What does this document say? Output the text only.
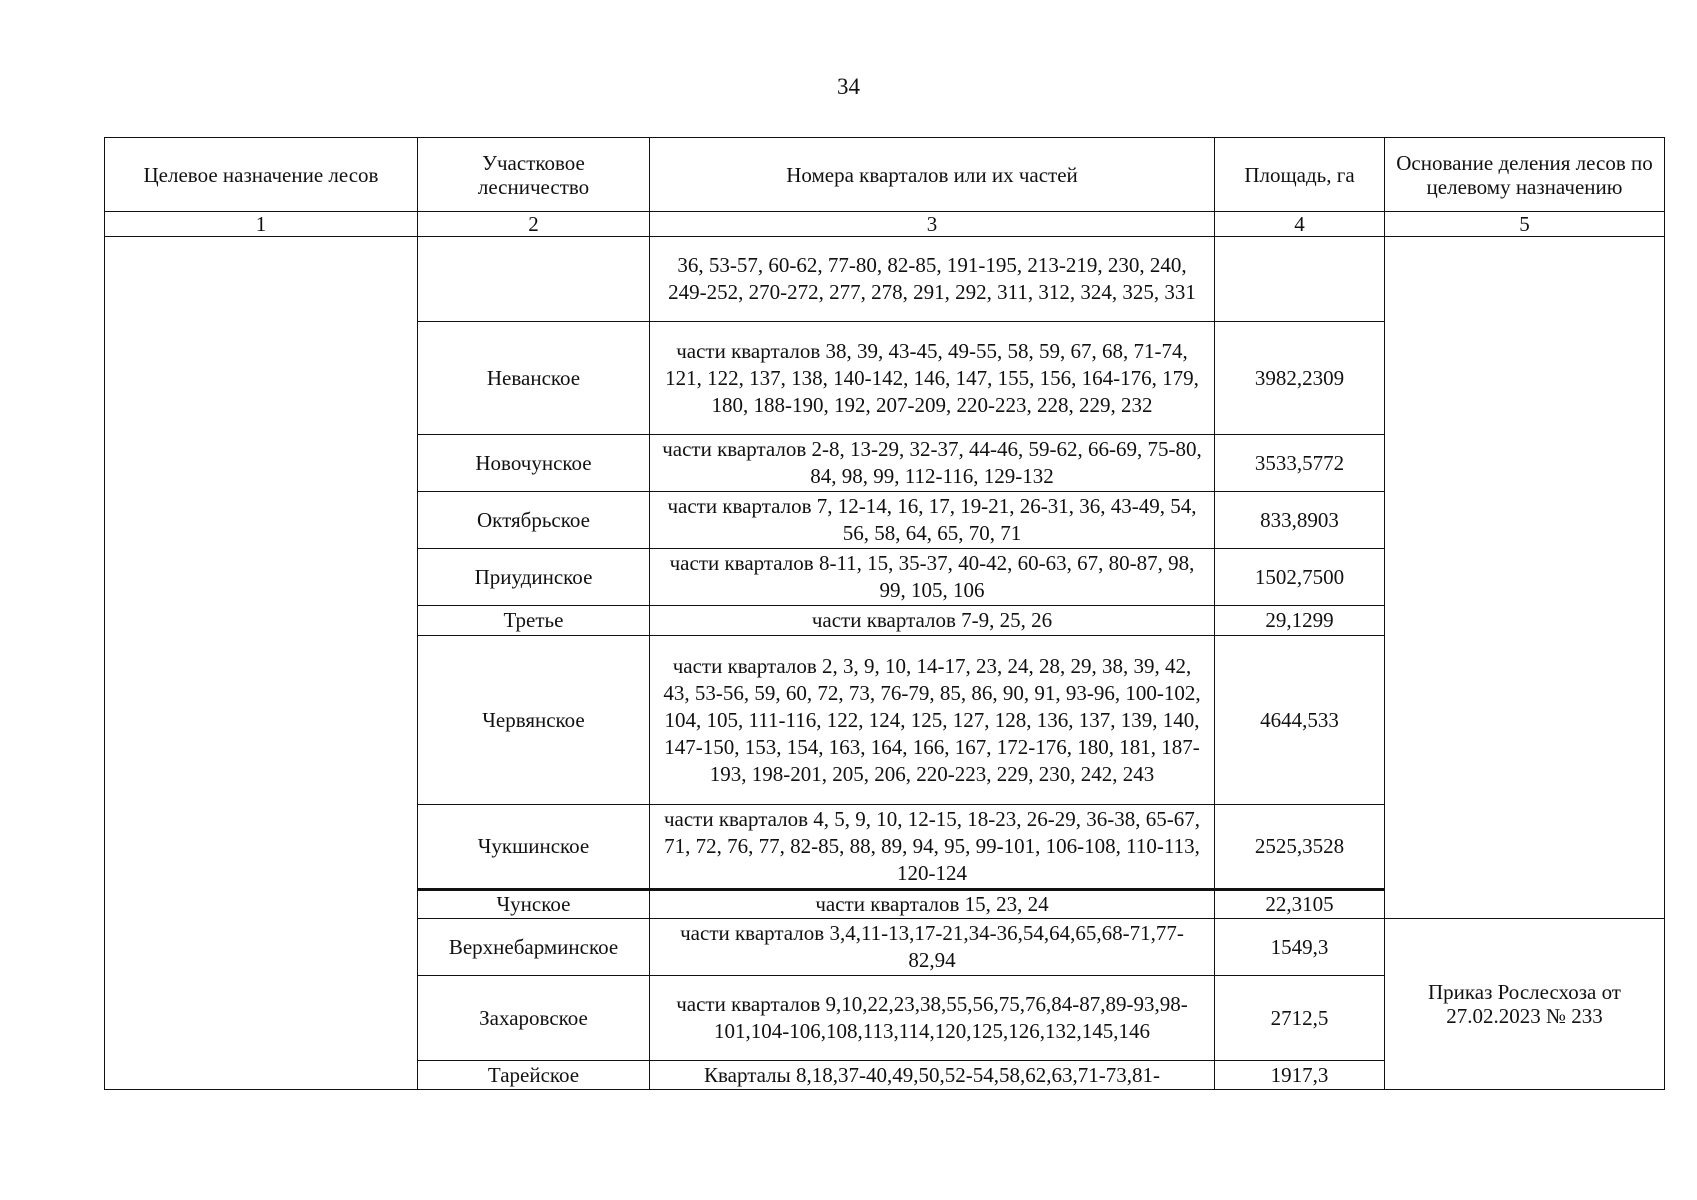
34
Целевое назначение лесов	Участковое лесничество	Номера кварталов или их частей	Площадь, га	Основание деления лесов по целевому назначению
1	2	3	4	5
		36, 53-57, 60-62, 77-80, 82-85, 191-195, 213-219, 230, 240, 249-252, 270-272, 277, 278, 291, 292, 311, 312, 324, 325, 331		
	Неванское	части кварталов 38, 39, 43-45, 49-55, 58, 59, 67, 68, 71-74, 121, 122, 137, 138, 140-142, 146, 147, 155, 156, 164-176, 179, 180, 188-190, 192, 207-209, 220-223, 228, 229, 232	3982,2309	
	Новочунское	части кварталов 2-8, 13-29, 32-37, 44-46, 59-62, 66-69, 75-80, 84, 98, 99, 112-116, 129-132	3533,5772	
	Октябрьское	части кварталов 7, 12-14, 16, 17, 19-21, 26-31, 36, 43-49, 54, 56, 58, 64, 65, 70, 71	833,8903	
	Приудинское	части кварталов 8-11, 15, 35-37, 40-42, 60-63, 67, 80-87, 98, 99, 105, 106	1502,7500	
	Третье	части кварталов 7-9, 25, 26	29,1299	
	Червянское	части кварталов 2, 3, 9, 10, 14-17, 23, 24, 28, 29, 38, 39, 42, 43, 53-56, 59, 60, 72, 73, 76-79, 85, 86, 90, 91, 93-96, 100-102, 104, 105, 111-116, 122, 124, 125, 127, 128, 136, 137, 139, 140, 147-150, 153, 154, 163, 164, 166, 167, 172-176, 180, 181, 187-193, 198-201, 205, 206, 220-223, 229, 230, 242, 243	4644,533	
	Чукшинское	части кварталов 4, 5, 9, 10, 12-15, 18-23, 26-29, 36-38, 65-67, 71, 72, 76, 77, 82-85, 88, 89, 94, 95, 99-101, 106-108, 110-113, 120-124	2525,3528	
	Чунское	части кварталов 15, 23, 24	22,3105	
	Верхнебарминское	части кварталов 3,4,11-13,17-21,34-36,54,64,65,68-71,77-82,94	1549,3	Приказ Рослесхоза от 27.02.2023 № 233
	Захаровское	части кварталов 9,10,22,23,38,55,56,75,76,84-87,89-93,98-101,104-106,108,113,114,120,125,126,132,145,146	2712,5	
	Тарейское	Кварталы 8,18,37-40,49,50,52-54,58,62,63,71-73,81-	1917,3	
